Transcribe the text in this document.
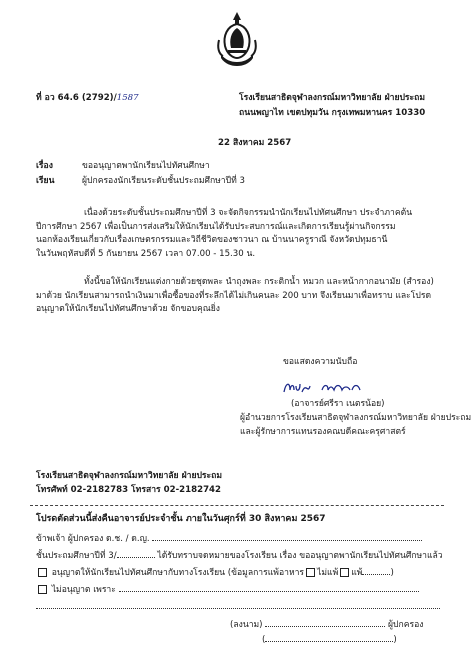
ที่ อว 64.6 (2792)/1587	โรงเรียนสาธิตจุฬาลงกรณ์มหาวิทยาลัย ฝ่ายประถม
ถนนพญาไท เขตปทุมวัน กรุงเทพมหานคร 10330
22 สิงหาคม 2567
เรื่อง	ขออนุญาตพานักเรียนไปทัศนศึกษา
เรียน	ผู้ปกครองนักเรียนระดับชั้นประถมศึกษาปีที่ 3
เนื่องด้วยระดับชั้นประถมศึกษาปีที่ 3 จะจัดกิจกรรมนำนักเรียนไปทัศนศึกษา ประจำภาคต้น
ปีการศึกษา 2567 เพื่อเป็นการส่งเสริมให้นักเรียนได้รับประสบการณ์และเกิดการเรียนรู้ผ่านกิจกรรม
นอกห้องเรียนเกี่ยวกับเรื่องเกษตรกรรมและวิถีชีวิตของชาวนา ณ บ้านนาครูราณี จังหวัดปทุมธานี
ในวันพฤหัสบดีที่ 5 กันยายน 2567 เวลา 07.00 - 15.30 น.
ทั้งนี้ขอให้นักเรียนแต่งกายด้วยชุดพละ นำถุงพละ กระติกน้ำ หมวก และหน้ากากอนามัย (สำรอง)
มาด้วย นักเรียนสามารถนำเงินมาเพื่อซื้อของที่ระลึกได้ไม่เกินคนละ 200 บาท จึงเรียนมาเพื่อทราบ และโปรด
อนุญาตให้นักเรียนไปทัศนศึกษาด้วย จักขอบคุณยิ่ง
ขอแสดงความนับถือ
(อาจารย์ศรีรา เนตรน้อย)
ผู้อำนวยการโรงเรียนสาธิตจุฬาลงกรณ์มหาวิทยาลัย ฝ่ายประถม
และผู้รักษาการแทนรองคณบดีคณะครุศาสตร์
โรงเรียนสาธิตจุฬาลงกรณ์มหาวิทยาลัย ฝ่ายประถม
โทรศัพท์ 02-2182783 โทรสาร 02-2182742
โปรดตัดส่วนนี้ส่งคืนอาจารย์ประจำชั้น ภายในวันศุกร์ที่ 30 สิงหาคม 2567
ข้าพเจ้า ผู้ปกครอง ด.ช. / ด.ญ.
ชั้นประถมศึกษาปีที่ 3/	ได้รับทราบจดหมายของโรงเรียน เรื่อง ขออนุญาตพานักเรียนไปทัศนศึกษาแล้ว
อนุญาตให้นักเรียนไปทัศนศึกษากับทางโรงเรียน (ข้อมูลการแพ้อาหาร ไม่แพ้ แพ้	)
ไม่อนุญาต เพราะ
(ลงนาม)	ผู้ปกครอง
(	)
